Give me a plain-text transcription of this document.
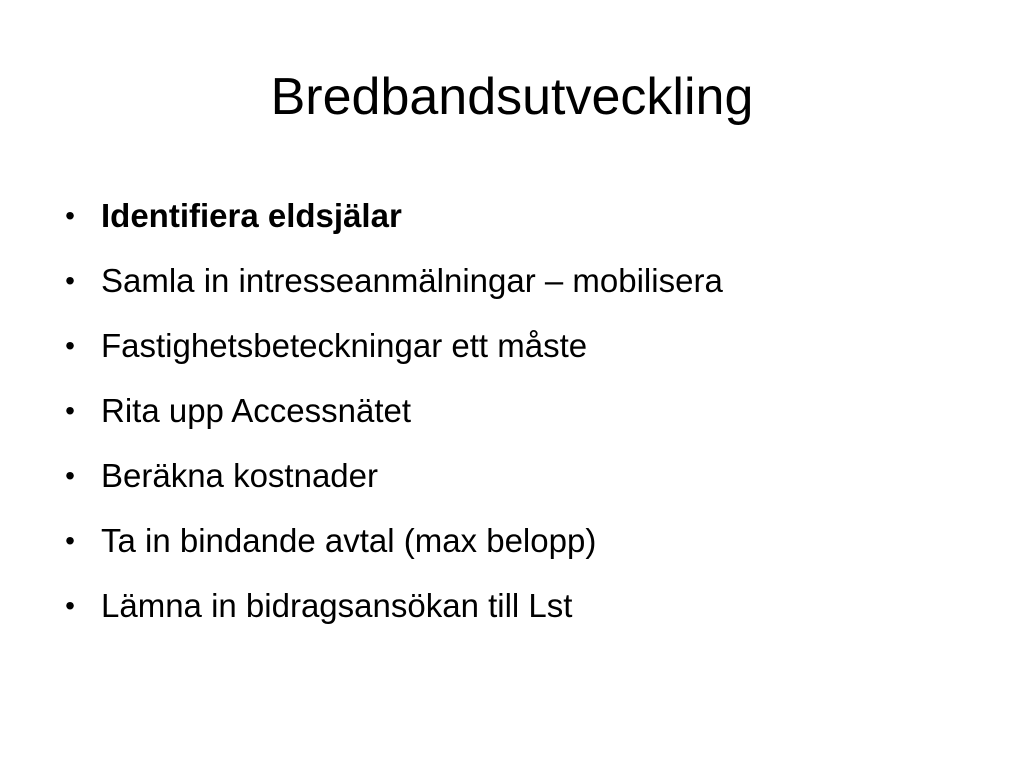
Bredbandsutveckling
• Identifiera eldsjälar
• Samla in intresseanmälningar – mobilisera
• Fastighetsbeteckningar ett måste
• Rita upp Accessnätet
• Beräkna kostnader
• Ta in bindande avtal (max belopp)
• Lämna in bidragsansökan till Lst
